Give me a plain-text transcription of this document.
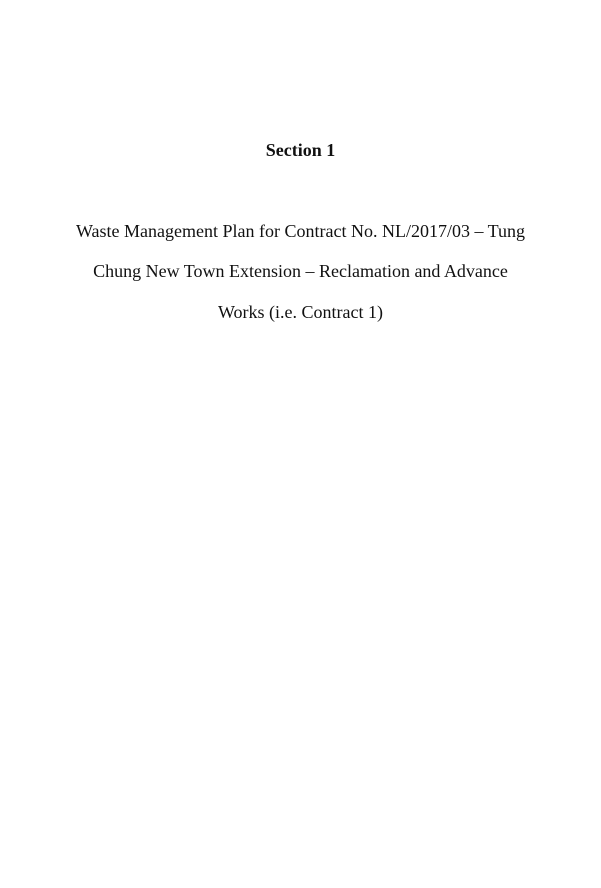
Section 1
Waste Management Plan for Contract No. NL/2017/03 – Tung
Chung New Town Extension – Reclamation and Advance
Works (i.e. Contract 1)
